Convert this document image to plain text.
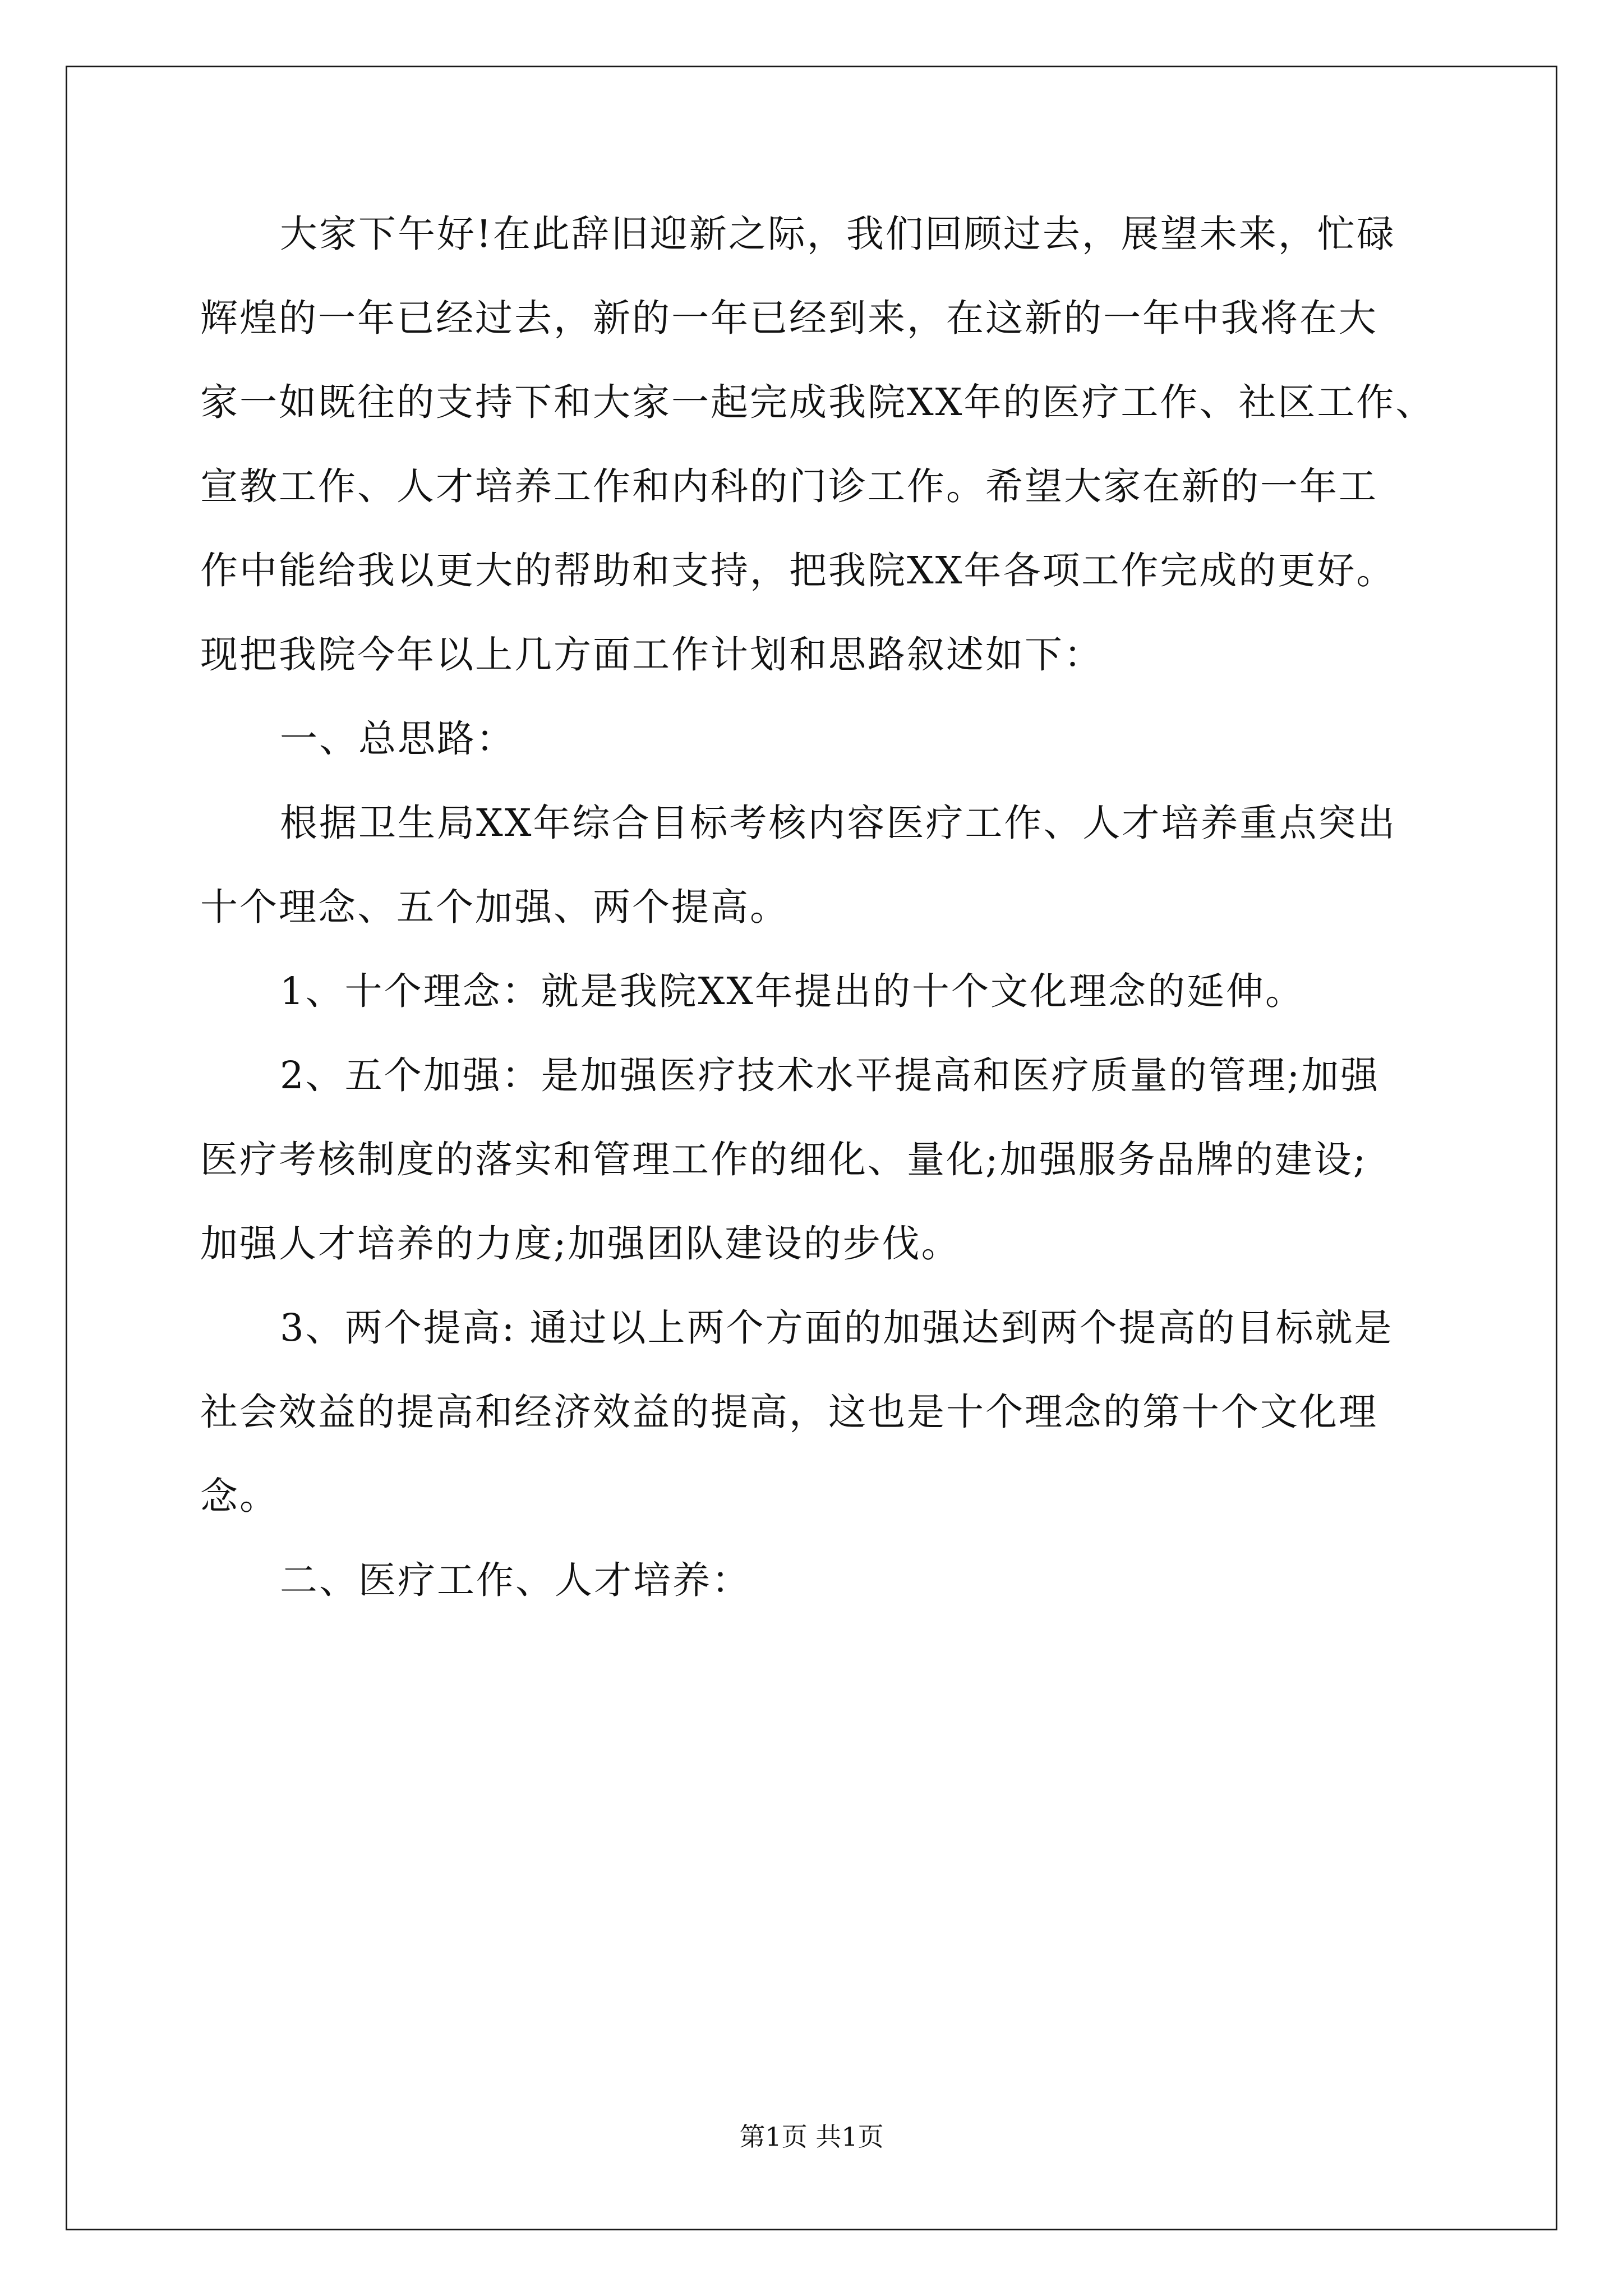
大家下午好!在此辞旧迎新之际，我们回顾过去，展望未来，忙碌
辉煌的一年已经过去，新的一年已经到来，在这新的一年中我将在大
家一如既往的支持下和大家一起完成我院XX年的医疗工作、社区工作、
宣教工作、人才培养工作和内科的门诊工作。希望大家在新的一年工
作中能给我以更大的帮助和支持，把我院XX年各项工作完成的更好。
现把我院今年以上几方面工作计划和思路叙述如下：
一、总思路：
根据卫生局XX年综合目标考核内容医疗工作、人才培养重点突出
十个理念、五个加强、两个提高。
1、十个理念：就是我院XX年提出的十个文化理念的延伸。
2、五个加强：是加强医疗技术水平提高和医疗质量的管理;加强
医疗考核制度的落实和管理工作的细化、量化;加强服务品牌的建设;
加强人才培养的力度;加强团队建设的步伐。
3、两个提高: 通过以上两个方面的加强达到两个提高的目标就是
社会效益的提高和经济效益的提高，这也是十个理念的第十个文化理
念。
二、医疗工作、人才培养：
第1页 共1页
